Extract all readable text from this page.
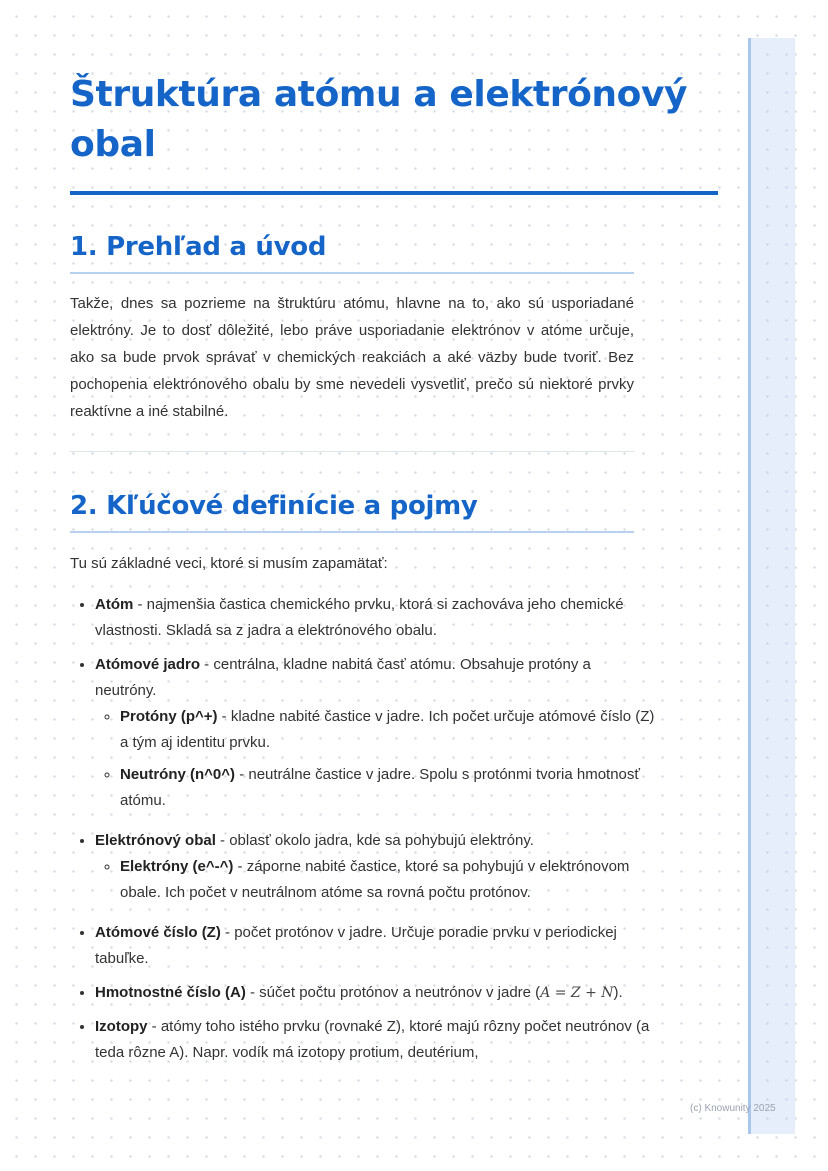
Štruktúra atómu a elektrónový obal
1. Prehľad a úvod

Takže, dnes sa pozrieme na štruktúru atómu, hlavne na to, ako sú usporiadané elektróny. Je to dosť dôležité, lebo práve usporiadanie elektrónov v atóme určuje, ako sa bude prvok správať v chemických reakciách a aké väzby bude tvoriť. Bez pochopenia elektrónového obalu by sme nevedeli vysvetliť, prečo sú niektoré prvky reaktívne a iné stabilné.

2. Kľúčové definície a pojmy

Tu sú základné veci, ktoré si musím zapamätať:

• Atóm - najmenšia častica chemického prvku, ktorá si zachováva jeho chemické vlastnosti. Skladá sa z jadra a elektrónového obalu.
• Atómové jadro - centrálna, kladne nabitá časť atómu. Obsahuje protóny a neutróny.
◦ Protóny (p^+) - kladne nabité častice v jadre. Ich počet určuje atómové číslo (Z) a tým aj identitu prvku.
◦ Neutróny (n^0^) - neutrálne častice v jadre. Spolu s protónmi tvoria hmotnosť atómu.
• Elektrónový obal - oblasť okolo jadra, kde sa pohybujú elektróny.
◦ Elektróny (e^-^) - záporne nabité častice, ktoré sa pohybujú v elektrónovom obale. Ich počet v neutrálnom atóme sa rovná počtu protónov.
• Atómové číslo (Z) - počet protónov v jadre. Určuje poradie prvku v periodickej tabuľke.
• Hmotnostné číslo (A) - súčet počtu protónov a neutrónov v jadre (A = Z + N).
• Izotopy - atómy toho istého prvku (rovnaké Z), ktoré majú rôzny počet neutrónov (a teda rôzne A). Napr. vodík má izotopy protium, deutérium,
(c) Knowunity 2025
